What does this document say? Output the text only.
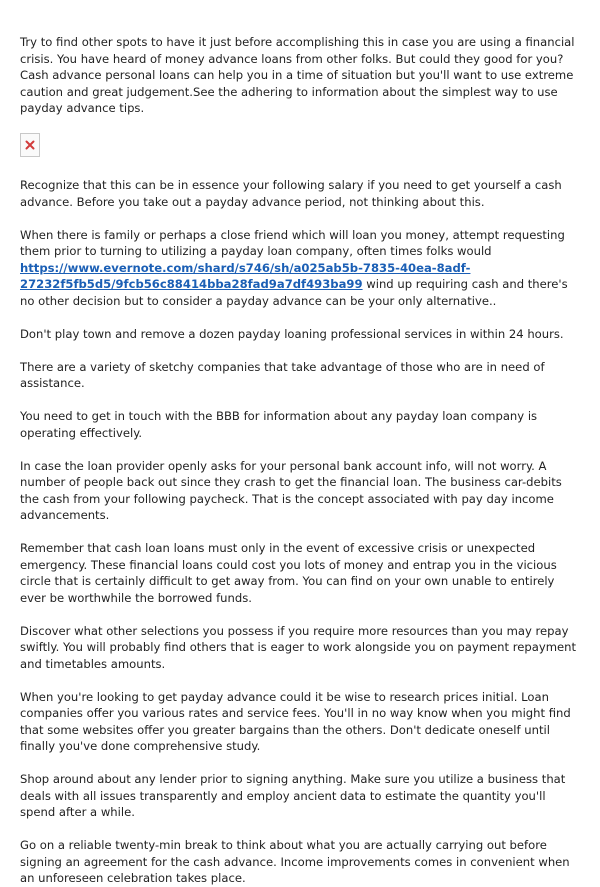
Try to find other spots to have it just before accomplishing this in case you are using a financial crisis. You have heard of money advance loans from other folks. But could they good for you? Cash advance personal loans can help you in a time of situation but you'll want to use extreme caution and great judgement.See the adhering to information about the simplest way to use payday advance tips.

Recognize that this can be in essence your following salary if you need to get yourself a cash advance. Before you take out a payday advance period, not thinking about this.

When there is family or perhaps a close friend which will loan you money, attempt requesting them prior to turning to utilizing a payday loan company, often times folks would https://www.evernote.com/shard/s746/sh/a025ab5b-7835-40ea-8adf-27232f5fb5d5/9fcb56c88414bba28fad9a7df493ba99 wind up requiring cash and there's no other decision but to consider a payday advance can be your only alternative..

Don't play town and remove a dozen payday loaning professional services in within 24 hours.

There are a variety of sketchy companies that take advantage of those who are in need of assistance.

You need to get in touch with the BBB for information about any payday loan company is operating effectively.

In case the loan provider openly asks for your personal bank account info, will not worry. A number of people back out since they crash to get the financial loan. The business car-debits the cash from your following paycheck. That is the concept associated with pay day income advancements.

Remember that cash loan loans must only in the event of excessive crisis or unexpected emergency. These financial loans could cost you lots of money and entrap you in the vicious circle that is certainly difficult to get away from. You can find on your own unable to entirely ever be worthwhile the borrowed funds.

Discover what other selections you possess if you require more resources than you may repay swiftly. You will probably find others that is eager to work alongside you on payment repayment and timetables amounts.

When you're looking to get payday advance could it be wise to research prices initial. Loan companies offer you various rates and service fees. You'll in no way know when you might find that some websites offer you greater bargains than the others. Don't dedicate oneself until finally you've done comprehensive study.

Shop around about any lender prior to signing anything. Make sure you utilize a business that deals with all issues transparently and employ ancient data to estimate the quantity you'll spend after a while.

Go on a reliable twenty-min break to think about what you are actually carrying out before signing an agreement for the cash advance. Income improvements comes in convenient when an unforeseen celebration takes place.
